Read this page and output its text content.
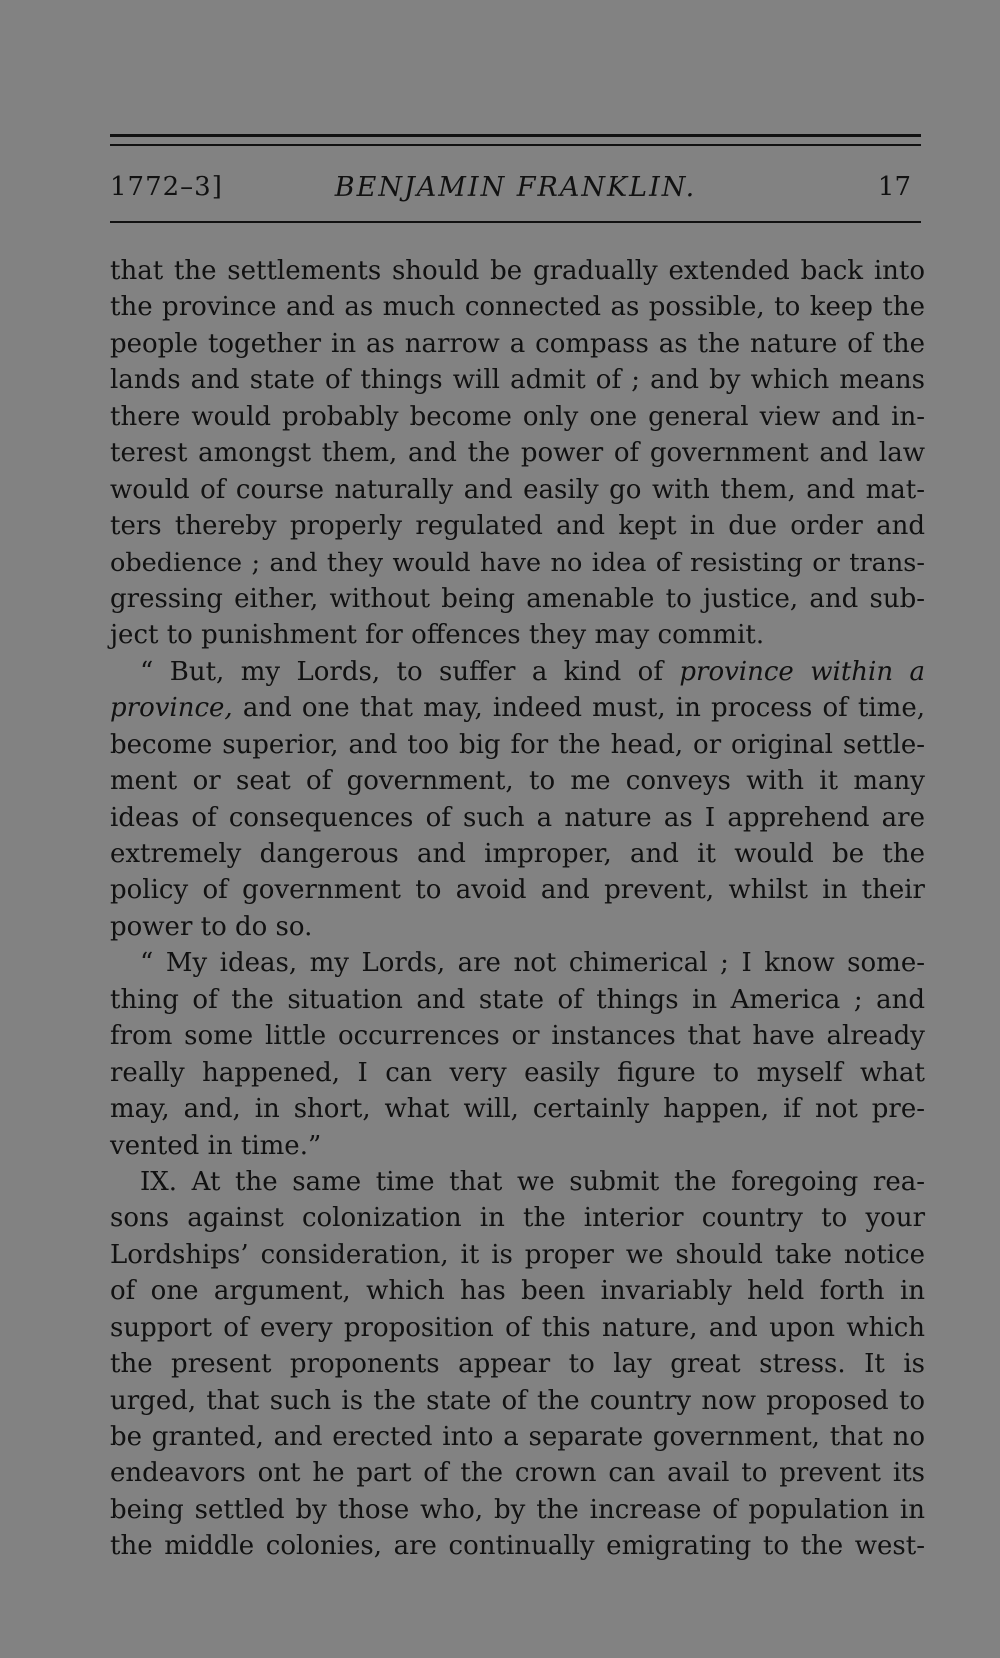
1772–3]	BENJAMIN FRANKLIN.	17
that the settlements should be gradually extended back into
the province and as much connected as possible, to keep the
people together in as narrow a compass as the nature of the
lands and state of things will admit of ; and by which means
there would probably become only one general view and in-
terest amongst them, and the power of government and law
would of course naturally and easily go with them, and mat-
ters thereby properly regulated and kept in due order and
obedience ; and they would have no idea of resisting or trans-
gressing either, without being amenable to justice, and sub-
ject to punishment for offences they may commit.
“ But, my Lords, to suffer a kind of province within a
province, and one that may, indeed must, in process of time,
become superior, and too big for the head, or original settle-
ment or seat of government, to me conveys with it many
ideas of consequences of such a nature as I apprehend are
extremely dangerous and improper, and it would be the
policy of government to avoid and prevent, whilst in their
power to do so.
“ My ideas, my Lords, are not chimerical ; I know some-
thing of the situation and state of things in America ; and
from some little occurrences or instances that have already
really happened, I can very easily figure to myself what
may, and, in short, what will, certainly happen, if not pre-
vented in time.”
IX. At the same time that we submit the foregoing rea-
sons against colonization in the interior country to your
Lordships’ consideration, it is proper we should take notice
of one argument, which has been invariably held forth in
support of every proposition of this nature, and upon which
the present proponents appear to lay great stress. It is
urged, that such is the state of the country now proposed to
be granted, and erected into a separate government, that no
endeavors ont he part of the crown can avail to prevent its
being settled by those who, by the increase of population in
the middle colonies, are continually emigrating to the west-
